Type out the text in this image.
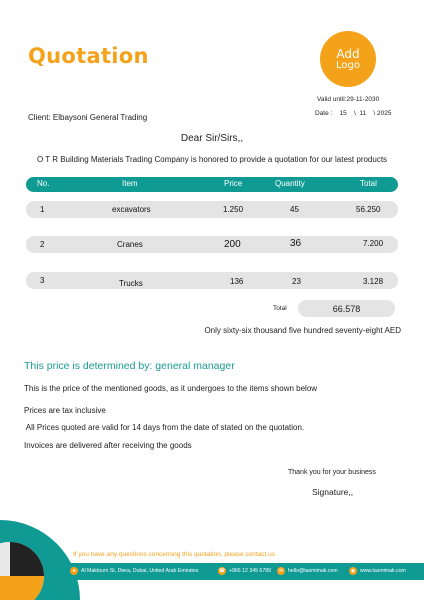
Quotation	Add
Logo
Valid until:29-11-2030
Date :    15    \  11    \ 2025
Client: Elbaysoni General Trading
Dear Sir/Sirs,,
O T R Building Materials Trading Company is honored to provide a quotation for our latest products
No.	Item	Price	Quantity	Total
1	excavators	1.250	45	56.250
2	Cranes	200	36	7.200
3	Trucks	136	23	3.128
Total	66.578
Only sixty-six thousand five hundred seventy-eight AED
This price is determined by: general manager
This is the price of the mentioned goods, as it undergoes to the items shown below
Prices are tax inclusive
All Prices quoted are valid for 14 days from the date of stated on the quotation.
Invoices are delivered after receiving the goods
Thank you for your business
Signature,,
If you have any questions concerning this quotation, please contact us
●	Al Maktoum St, Diera, Dubai, United Arab Emirates	☎ +966 12 345 6789	✉ hello@tasmimak.com	◉ www.tasmimak.com
